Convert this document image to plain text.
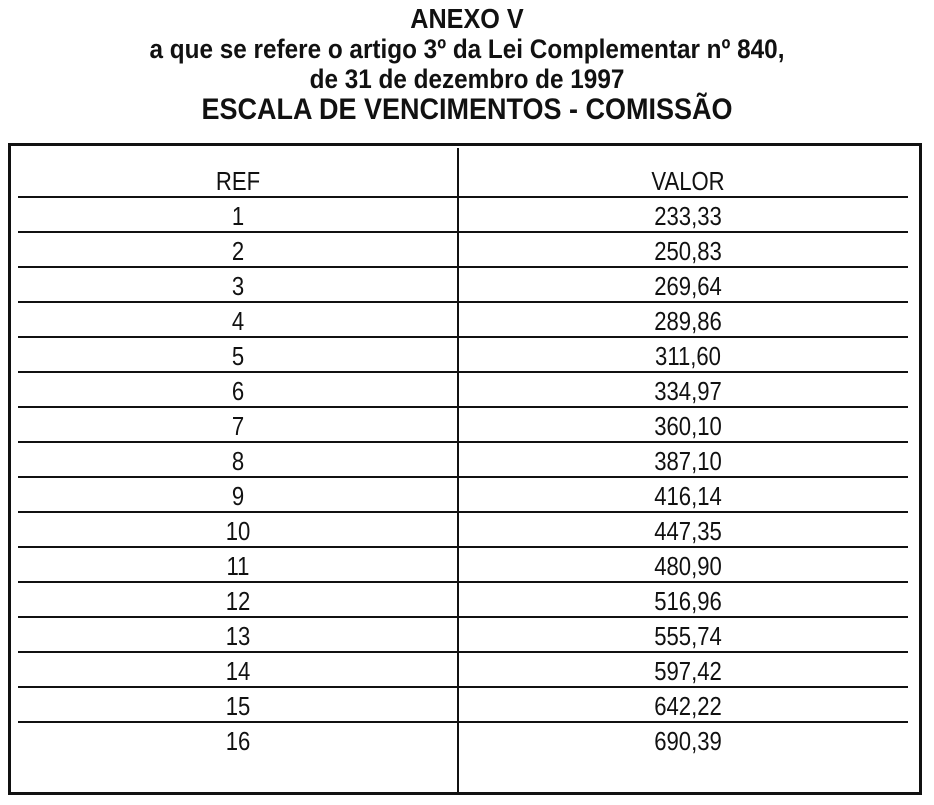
ANEXO V
a que se refere o artigo 3º da Lei Complementar nº 840,
de 31 de dezembro de 1997
ESCALA DE VENCIMENTOS - COMISSÃO
REF	VALOR
1	233,33
2	250,83
3	269,64
4	289,86
5	311,60
6	334,97
7	360,10
8	387,10
9	416,14
10	447,35
11	480,90
12	516,96
13	555,74
14	597,42
15	642,22
16	690,39
